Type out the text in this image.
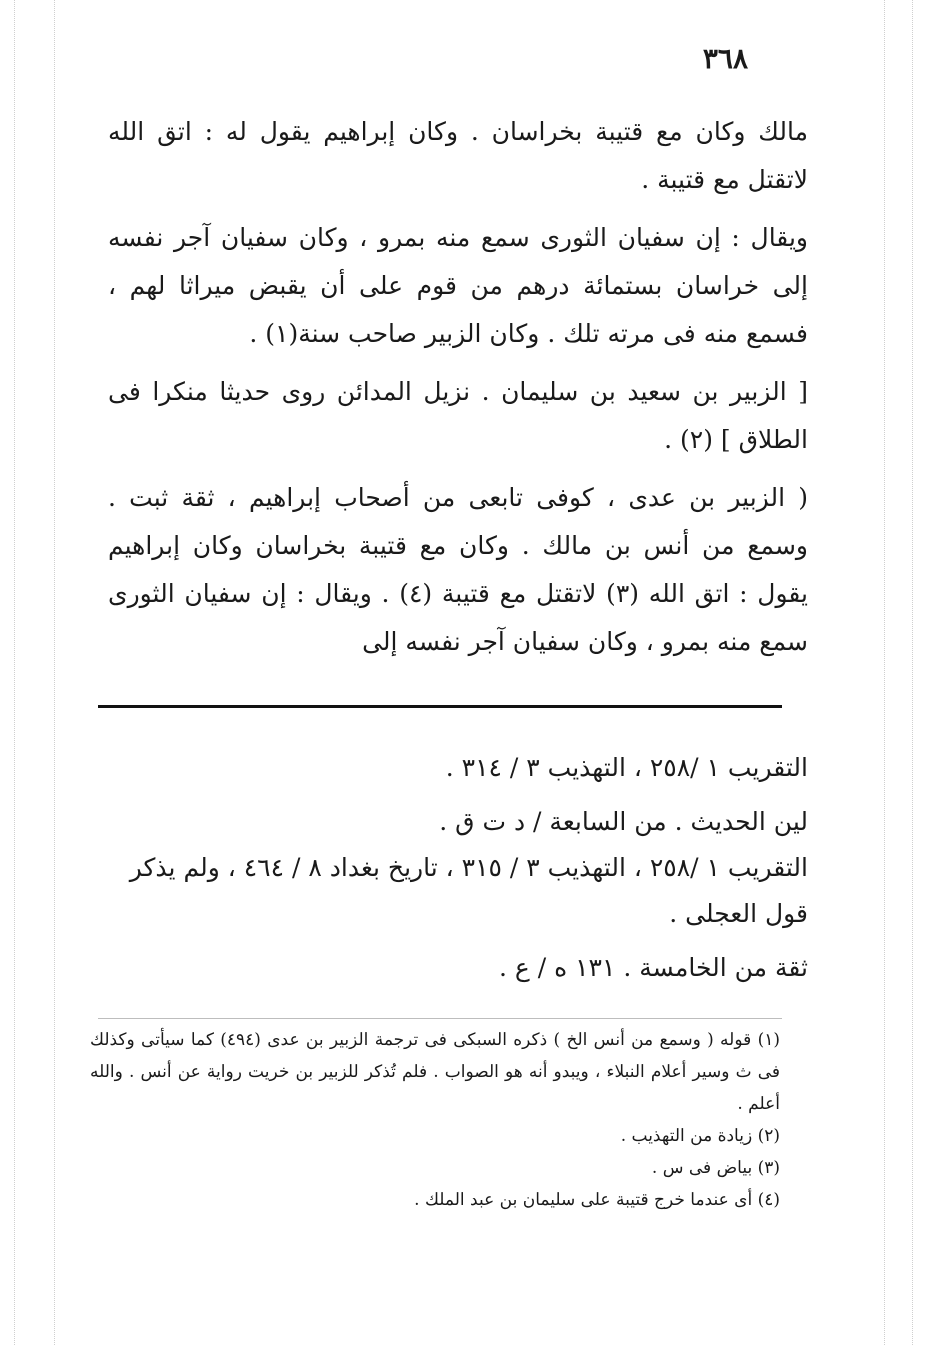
٣٦٨

مالك وكان مع قتيبة بخراسان . وكان إبراهيم يقول له : اتق الله لاتقتل مع قتيبة .

ويقال : إن سفيان الثورى سمع منه بمرو ، وكان سفيان آجر نفسه إلى خراسان بستمائة درهم من قوم على أن يقبض ميراثا لهم ، فسمع منه فى مرته تلك . وكان الزبير صاحب سنة(١) .

[ الزبير بن سعيد بن سليمان . نزيل المدائن روى حديثا منكرا فى الطلاق ] (٢) .
( الزبير بن عدى ، كوفى تابعى من أصحاب إبراهيم ، ثقة ثبت . وسمع من أنس بن مالك . وكان مع قتيبة بخراسان وكان إبراهيم يقول : اتق الله (٣) لاتقتل مع قتيبة (٤) . ويقال : إن سفيان الثورى سمع منه بمرو ، وكان سفيان آجر نفسه إلى
التقريب ١ /٢٥٨ ، التهذيب ٣ / ٣١٤ .
لين الحديث . من السابعة / د ت ق .
التقريب ١ /٢٥٨ ، التهذيب ٣ / ٣١٥ ، تاريخ بغداد ٨ / ٤٦٤ ، ولم يذكر قول العجلى .
ثقة من الخامسة . ١٣١ ه / ع .

(١) قوله ( وسمع من أنس الخ ) ذكره السبكى فى ترجمة الزبير بن عدى (٤٩٤) كما سيأتى وكذلك فى ث وسير أعلام النبلاء ، ويبدو أنه هو الصواب . فلم تُذكر للزبير بن خريت رواية عن أنس . والله أعلم .

(٢) زيادة من التهذيب .

(٣) بياض فى س .

(٤) أى عندما خرج قتيبة على سليمان بن عبد الملك .
